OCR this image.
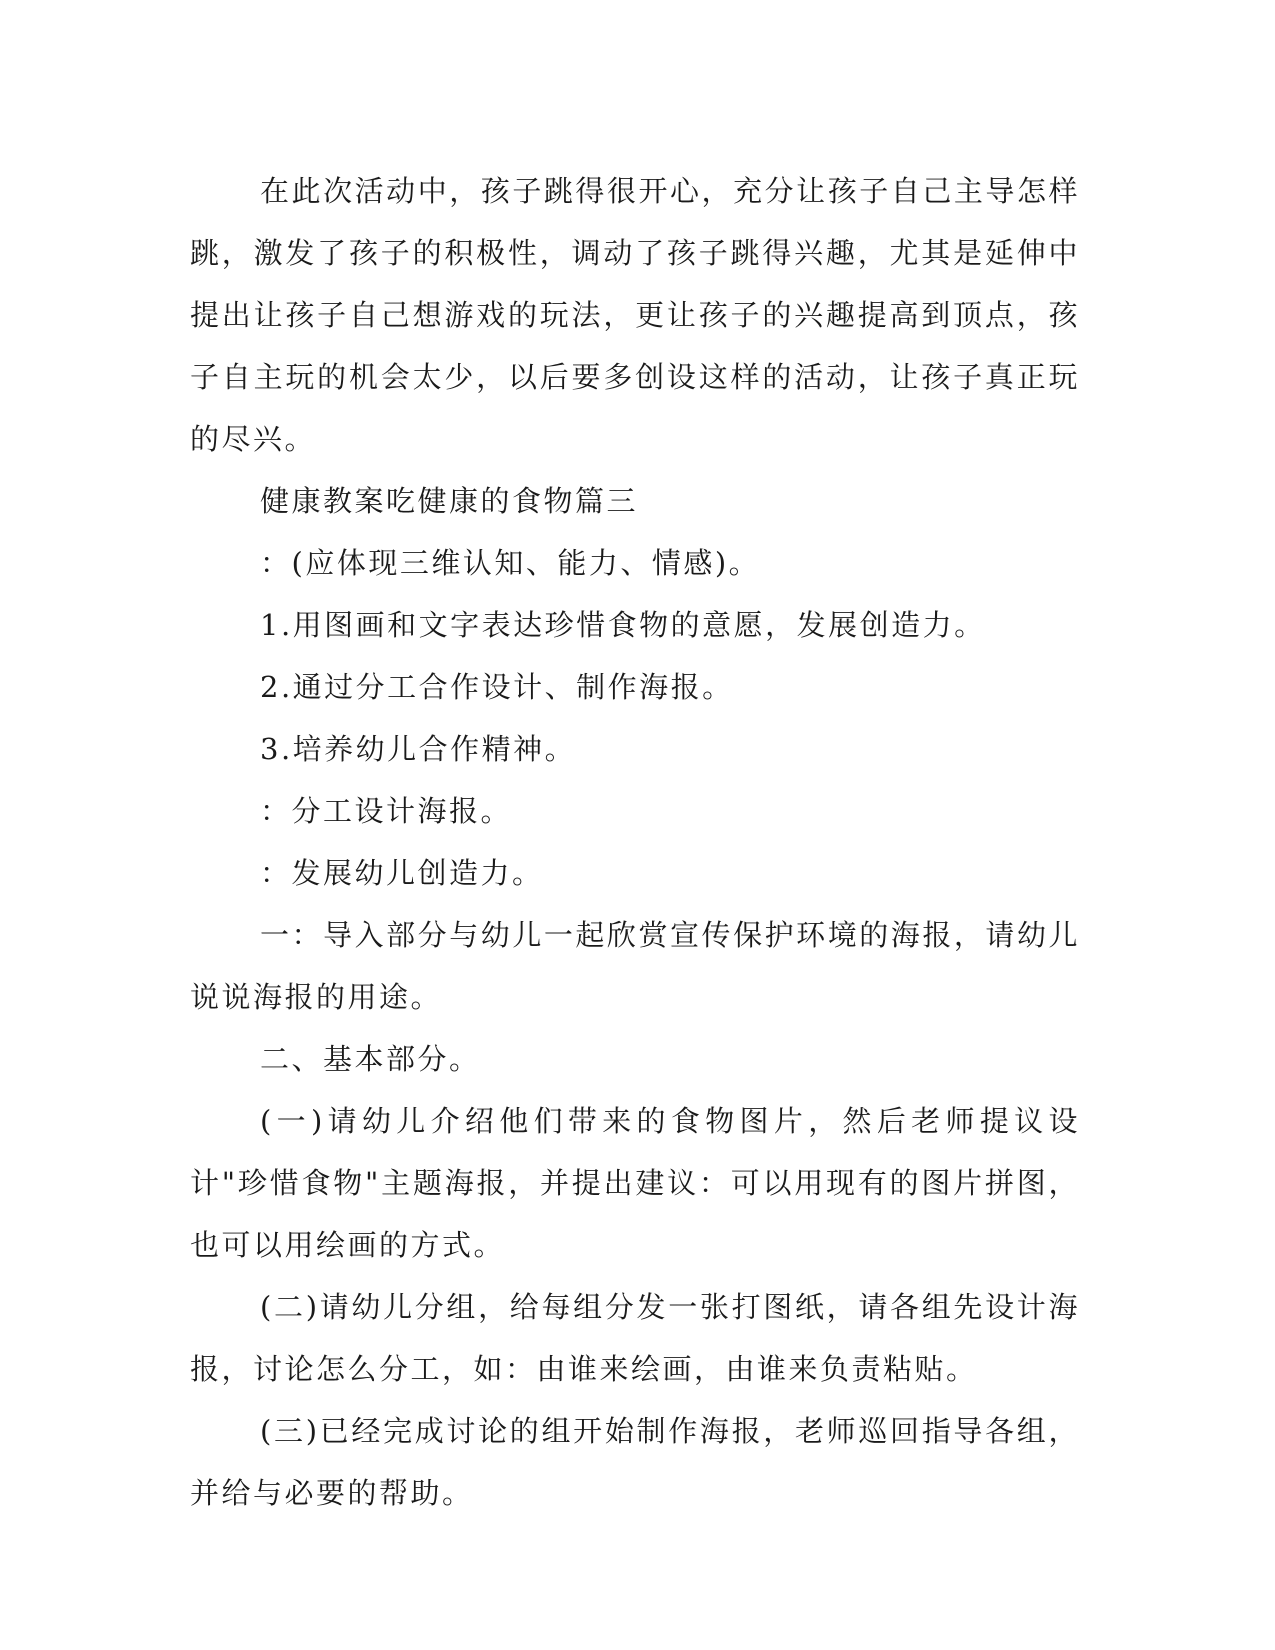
在此次活动中，孩子跳得很开心，充分让孩子自己主导怎样跳，激发了孩子的积极性，调动了孩子跳得兴趣，尤其是延伸中提出让孩子自己想游戏的玩法，更让孩子的兴趣提高到顶点，孩子自主玩的机会太少，以后要多创设这样的活动，让孩子真正玩的尽兴。

健康教案吃健康的食物篇三

：(应体现三维认知、能力、情感)。

1.用图画和文字表达珍惜食物的意愿，发展创造力。

2.通过分工合作设计、制作海报。

3.培养幼儿合作精神。

：分工设计海报。

：发展幼儿创造力。

一：导入部分与幼儿一起欣赏宣传保护环境的海报，请幼儿说说海报的用途。

二、基本部分。

(一)请幼儿介绍他们带来的食物图片，然后老师提议设计"珍惜食物"主题海报，并提出建议：可以用现有的图片拼图，也可以用绘画的方式。

(二)请幼儿分组，给每组分发一张打图纸，请各组先设计海报，讨论怎么分工，如：由谁来绘画，由谁来负责粘贴。

(三)已经完成讨论的组开始制作海报，老师巡回指导各组，并给与必要的帮助。
